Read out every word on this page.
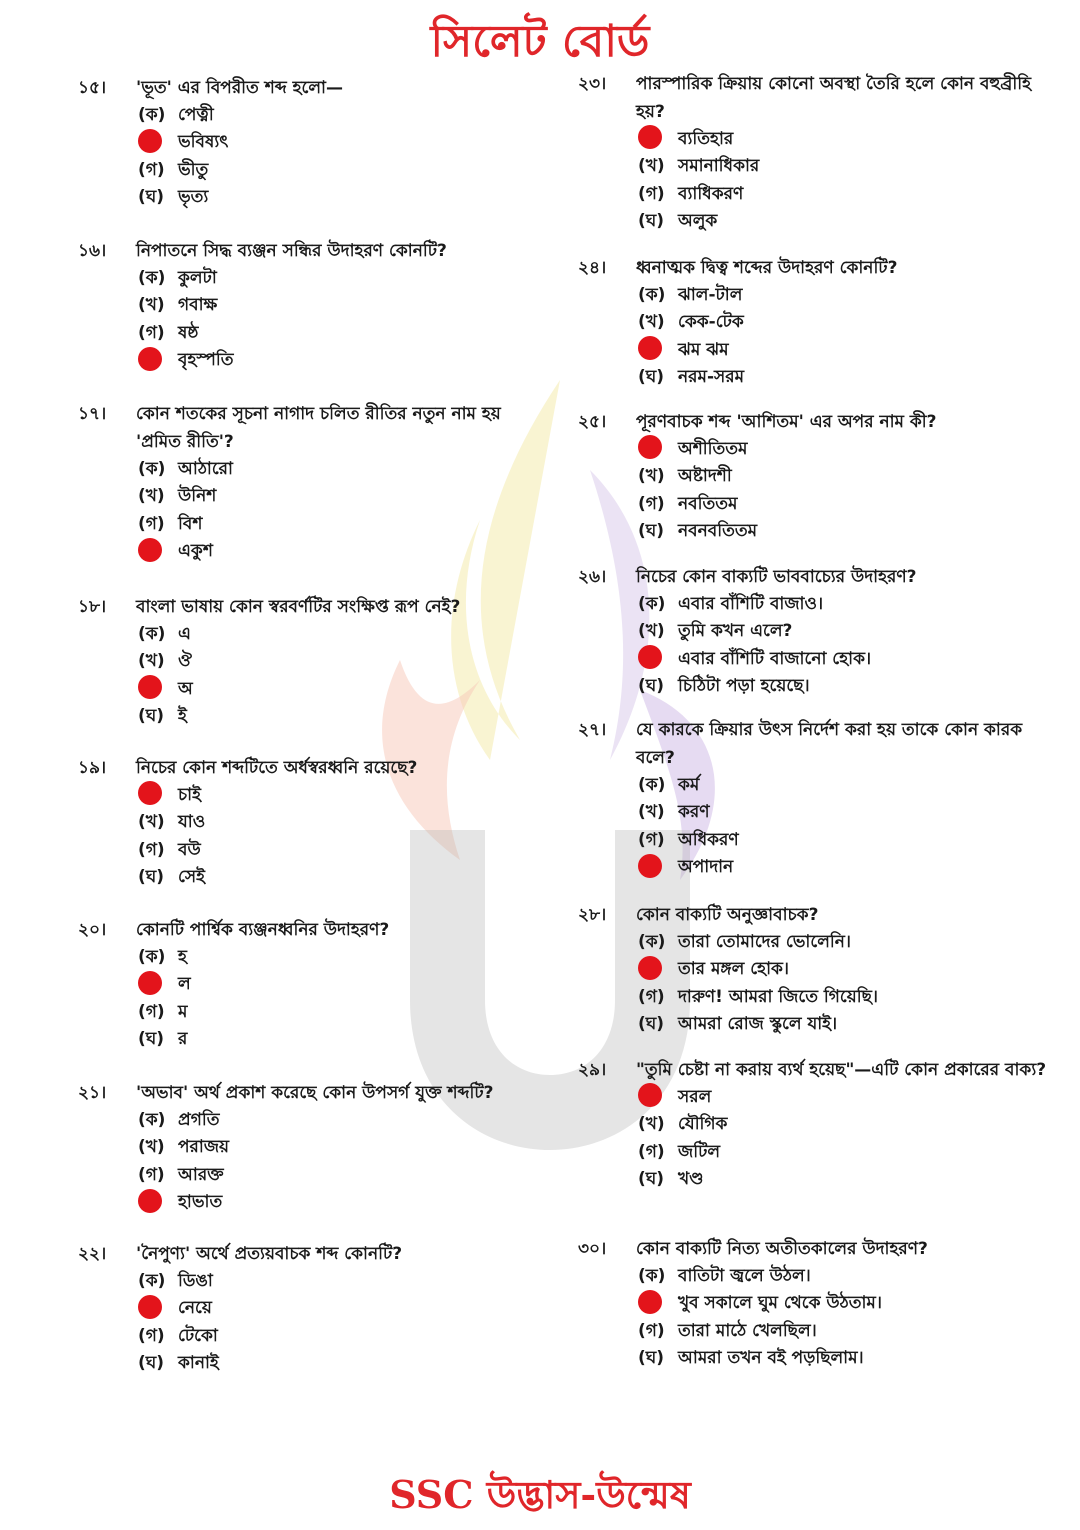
সিলেট বোর্ড
১৫।	'ভূত' এর বিপরীত শব্দ হলো—
(ক) পেত্নী
ভবিষ্যৎ
(গ) ভীতু
(ঘ) ভৃত্য
১৬।	নিপাতনে সিদ্ধ ব্যঞ্জন সন্ধির উদাহরণ কোনটি?
(ক) কুলটা
(খ) গবাক্ষ
(গ) ষষ্ঠ
বৃহস্পতি
১৭।	কোন শতকের সূচনা নাগাদ চলিত রীতির নতুন নাম হয় 'প্রমিত রীতি'?
(ক) আঠারো
(খ) উনিশ
(গ) বিশ
একুশ
১৮।	বাংলা ভাষায় কোন স্বরবর্ণটির সংক্ষিপ্ত রূপ নেই?
(ক) এ
(খ) ঔ
অ
(ঘ) ই
১৯।	নিচের কোন শব্দটিতে অর্ধস্বরধ্বনি রয়েছে?
চাই
(খ) যাও
(গ) বউ
(ঘ) সেই
২০।	কোনটি পার্শ্বিক ব্যঞ্জনধ্বনির উদাহরণ?
(ক) হ
ল
(গ) ম
(ঘ) র
২১।	'অভাব' অর্থ প্রকাশ করেছে কোন উপসর্গ যুক্ত শব্দটি?
(ক) প্রগতি
(খ) পরাজয়
(গ) আরক্ত
হাভাত
২২।	'নৈপুণ্য' অর্থে প্রত্যয়বাচক শব্দ কোনটি?
(ক) ডিঙা
নেয়ে
(গ) টেকো
(ঘ) কানাই
২৩।	পারস্পারিক ক্রিয়ায় কোনো অবস্থা তৈরি হলে কোন বহুব্রীহি হয়?
ব্যতিহার
(খ) সমানাধিকার
(গ) ব্যাধিকরণ
(ঘ) অলুক
২৪।	ধ্বনাত্মক দ্বিত্ব শব্দের উদাহরণ কোনটি?
(ক) ঝাল-টাল
(খ) কেক-টেক
ঝম ঝম
(ঘ) নরম-সরম
২৫।	পূরণবাচক শব্দ 'আশিতম' এর অপর নাম কী?
অশীতিতম
(খ) অষ্টাদশী
(গ) নবতিতম
(ঘ) নবনবতিতম
২৬।	নিচের কোন বাক্যটি ভাববাচ্যের উদাহরণ?
(ক) এবার বাঁশিটি বাজাও।
(খ) তুমি কখন এলে?
এবার বাঁশিটি বাজানো হোক।
(ঘ) চিঠিটা পড়া হয়েছে।
২৭।	যে কারকে ক্রিয়ার উৎস নির্দেশ করা হয় তাকে কোন কারক বলে?
(ক) কর্ম
(খ) করণ
(গ) অধিকরণ
অপাদান
২৮।	কোন বাক্যটি অনুজ্ঞাবাচক?
(ক) তারা তোমাদের ভোলেনি।
তার মঙ্গল হোক।
(গ) দারুণ! আমরা জিতে গিয়েছি।
(ঘ) আমরা রোজ স্কুলে যাই।
২৯।	"তুমি চেষ্টা না করায় ব্যর্থ হয়েছ"—এটি কোন প্রকারের বাক্য?
সরল
(খ) যৌগিক
(গ) জটিল
(ঘ) খণ্ড
৩০।	কোন বাক্যটি নিত্য অতীতকালের উদাহরণ?
(ক) বাতিটা জ্বলে উঠল।
খুব সকালে ঘুম থেকে উঠতাম।
(গ) তারা মাঠে খেলছিল।
(ঘ) আমরা তখন বই পড়ছিলাম।
SSC উদ্ভাস-উন্মেষ
